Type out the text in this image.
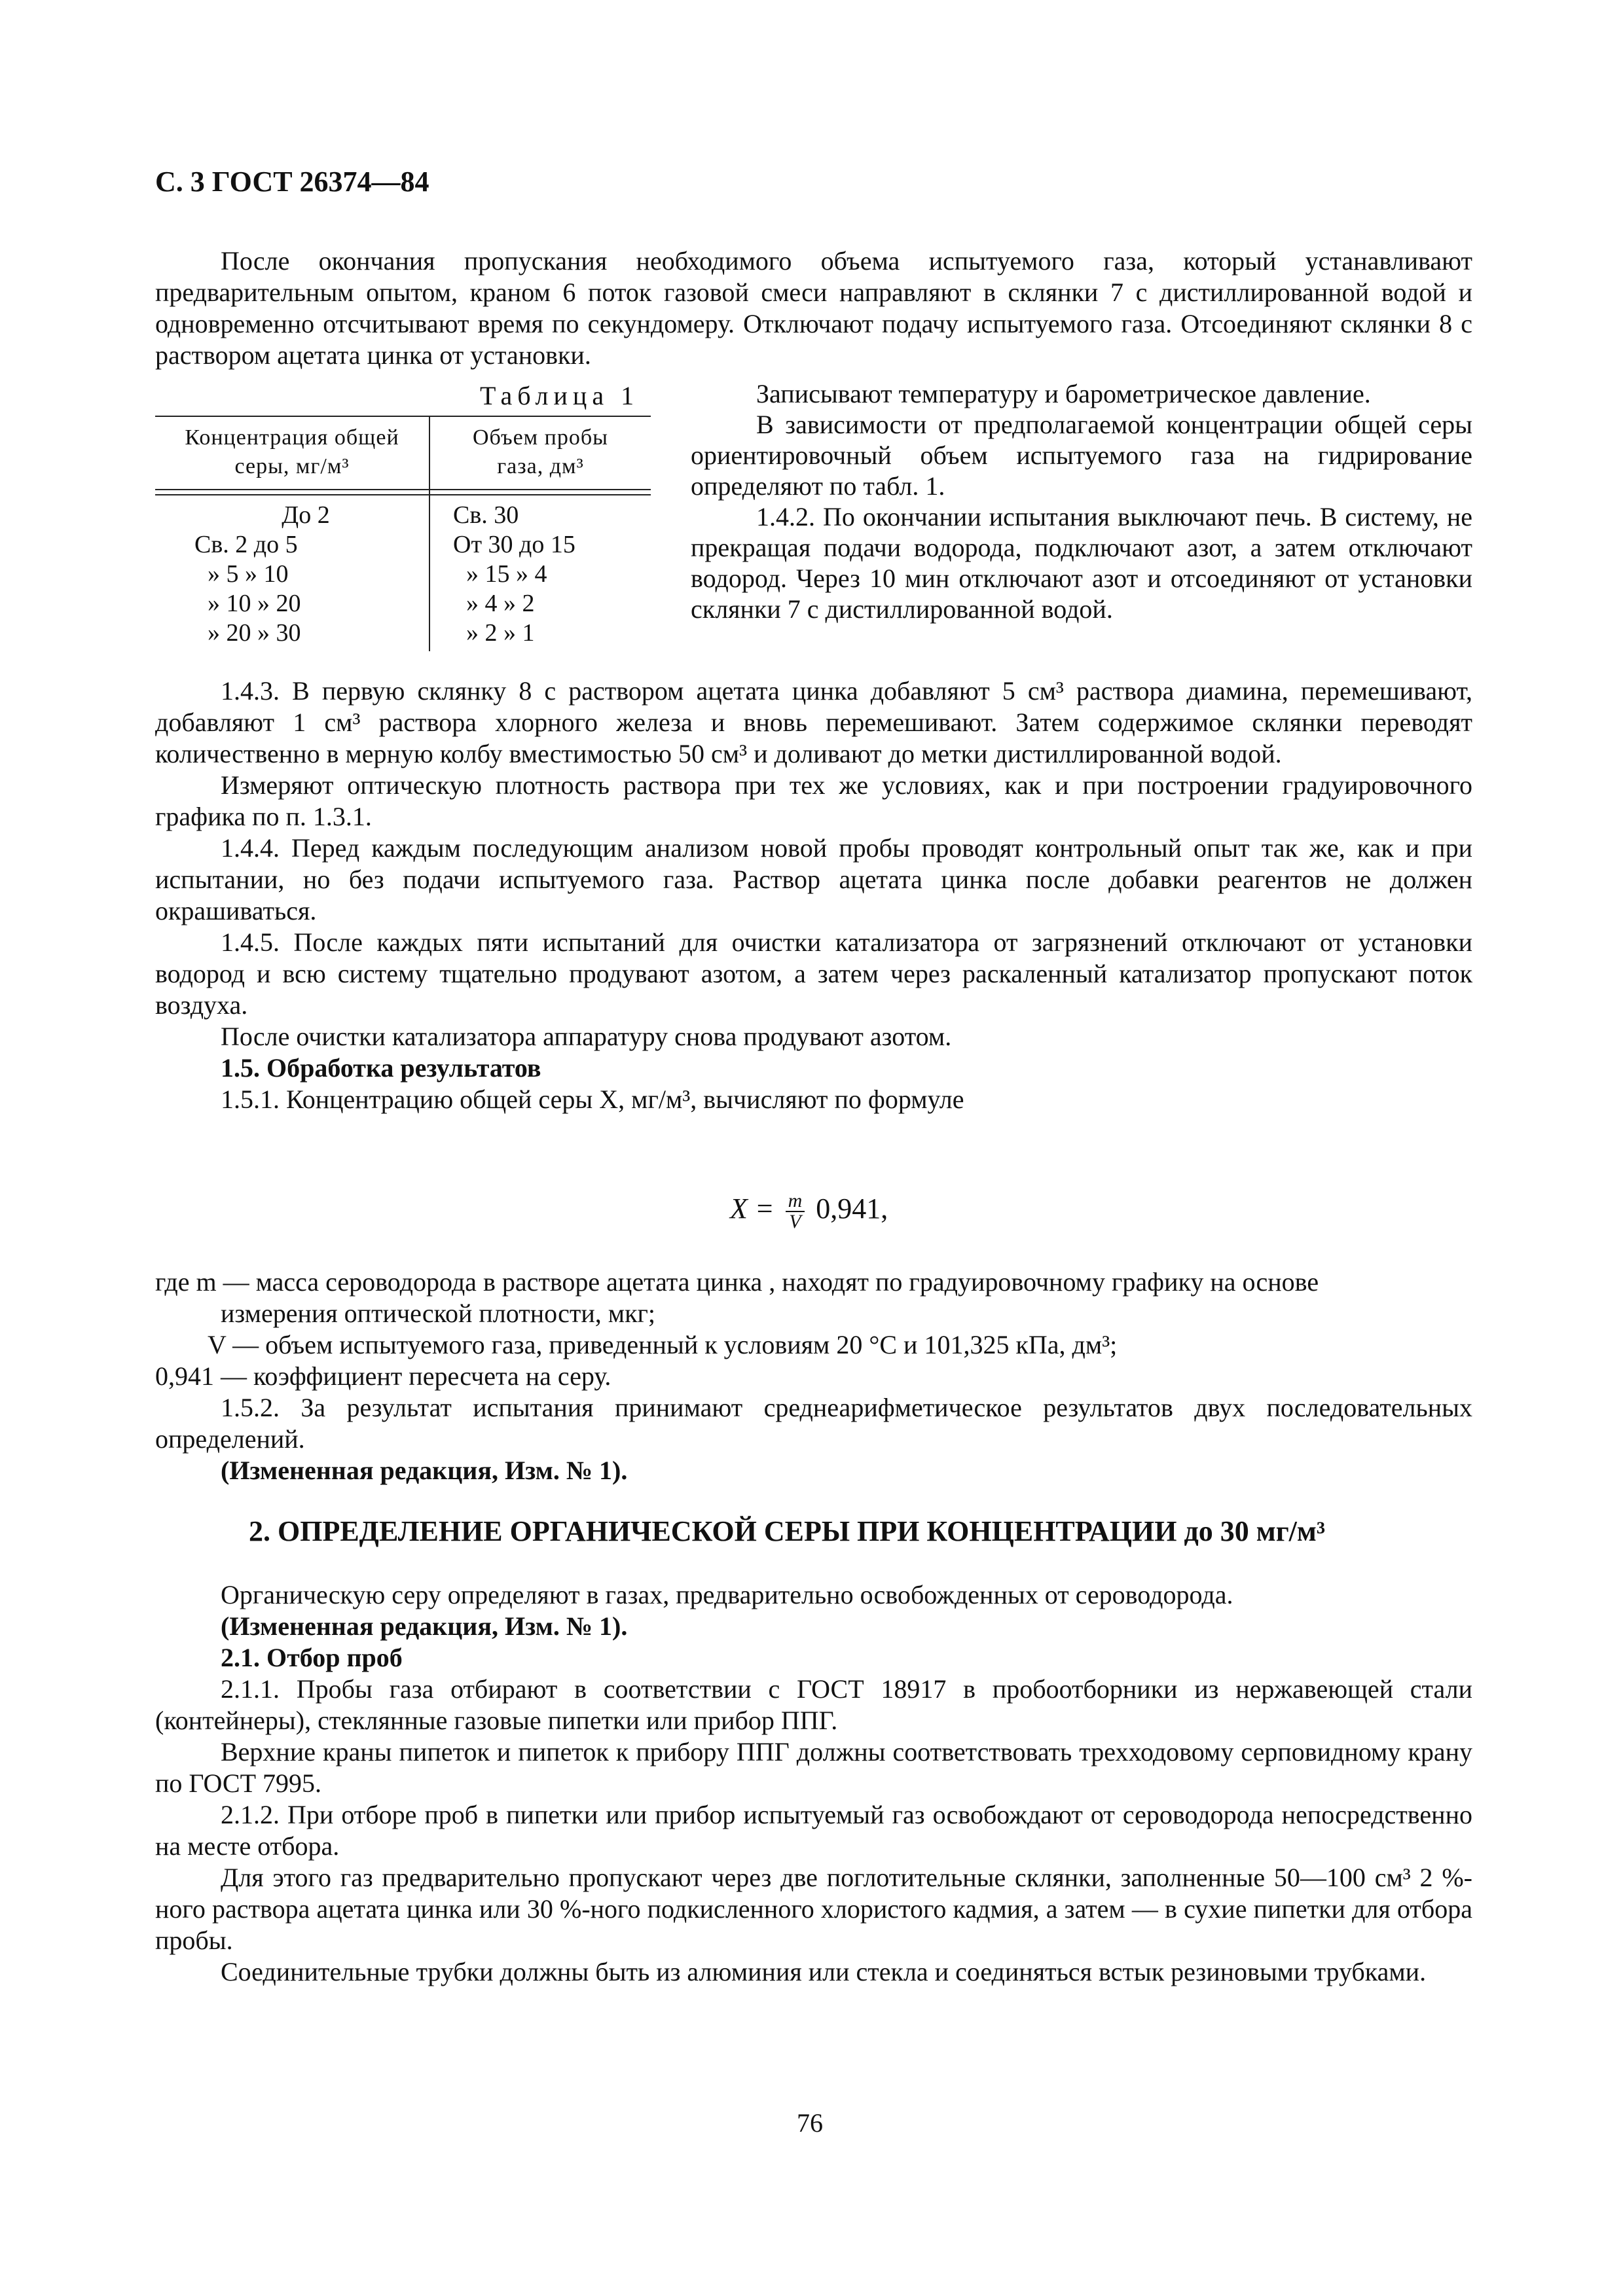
С. 3 ГОСТ 26374—84

После окончания пропускания необходимого объема испытуемого газа, который устанавливают предварительным опытом, краном 6 поток газовой смеси направляют в склянки 7 с дистиллированной водой и одновременно отсчитывают время по секундомеру. Отключают подачу испытуемого газа. Отсоединяют склянки 8 с раствором ацетата цинка от установки.

Таблица 1
Концентрация общей
серы, мг/м³
Объем пробы
газа, дм³
До 2
Св. 2 до 5
» 5 » 10
» 10 » 20
» 20 » 30
Св. 30
От 30 до 15
» 15 » 4
» 4 » 2
» 2 » 1

Записывают температуру и барометрическое давление.

В зависимости от предполагаемой концентрации общей серы ориентировочный объем испытуемого газа на гидрирование определяют по табл. 1.

1.4.2. По окончании испытания выключают печь. В систему, не прекращая подачи водорода, подключают азот, а затем отключают водород. Через 10 мин отключают азот и отсоединяют от установки склянки 7 с дистиллированной водой.

1.4.3. В первую склянку 8 с раствором ацетата цинка добавляют 5 см³ раствора диамина, перемешивают, добавляют 1 см³ раствора хлорного железа и вновь перемешивают. Затем содержимое склянки переводят количественно в мерную колбу вместимостью 50 см³ и доливают до метки дистиллированной водой.

Измеряют оптическую плотность раствора при тех же условиях, как и при построении градуировочного графика по п. 1.3.1.

1.4.4. Перед каждым последующим анализом новой пробы проводят контрольный опыт так же, как и при испытании, но без подачи испытуемого газа. Раствор ацетата цинка после добавки реагентов не должен окрашиваться.

1.4.5. После каждых пяти испытаний для очистки катализатора от загрязнений отключают от установки водород и всю систему тщательно продувают азотом, а затем через раскаленный катализатор пропускают поток воздуха.

После очистки катализатора аппаратуру снова продувают азотом.

1.5. Обработка результатов

1.5.1. Концентрацию общей серы X, мг/м³, вычисляют по формуле

$X = \frac{m}{V} 0,941$,

где m — масса сероводорода в растворе ацетата цинка , находят по градуировочному графику на основе

измерения оптической плотности, мкг;

V — объем испытуемого газа, приведенный к условиям 20 °С и 101,325 кПа, дм³;

0,941 — коэффициент пересчета на серу.

1.5.2. За результат испытания принимают среднеарифметическое результатов двух последовательных определений.

(Измененная редакция, Изм. № 1).

2. ОПРЕДЕЛЕНИЕ ОРГАНИЧЕСКОЙ СЕРЫ ПРИ КОНЦЕНТРАЦИИ до 30 мг/м³

Органическую серу определяют в газах, предварительно освобожденных от сероводорода.

(Измененная редакция, Изм. № 1).

2.1. Отбор проб

2.1.1. Пробы газа отбирают в соответствии с ГОСТ 18917 в пробоотборники из нержавеющей стали (контейнеры), стеклянные газовые пипетки или прибор ППГ.

Верхние краны пипеток и пипеток к прибору ППГ должны соответствовать трехходовому серповидному крану по ГОСТ 7995.

2.1.2. При отборе проб в пипетки или прибор испытуемый газ освобождают от сероводорода непосредственно на месте отбора.

Для этого газ предварительно пропускают через две поглотительные склянки, заполненные 50—100 см³ 2 %-ного раствора ацетата цинка или 30 %-ного подкисленного хлористого кадмия, а затем — в сухие пипетки для отбора пробы.

Соединительные трубки должны быть из алюминия или стекла и соединяться встык резиновыми трубками.

76
